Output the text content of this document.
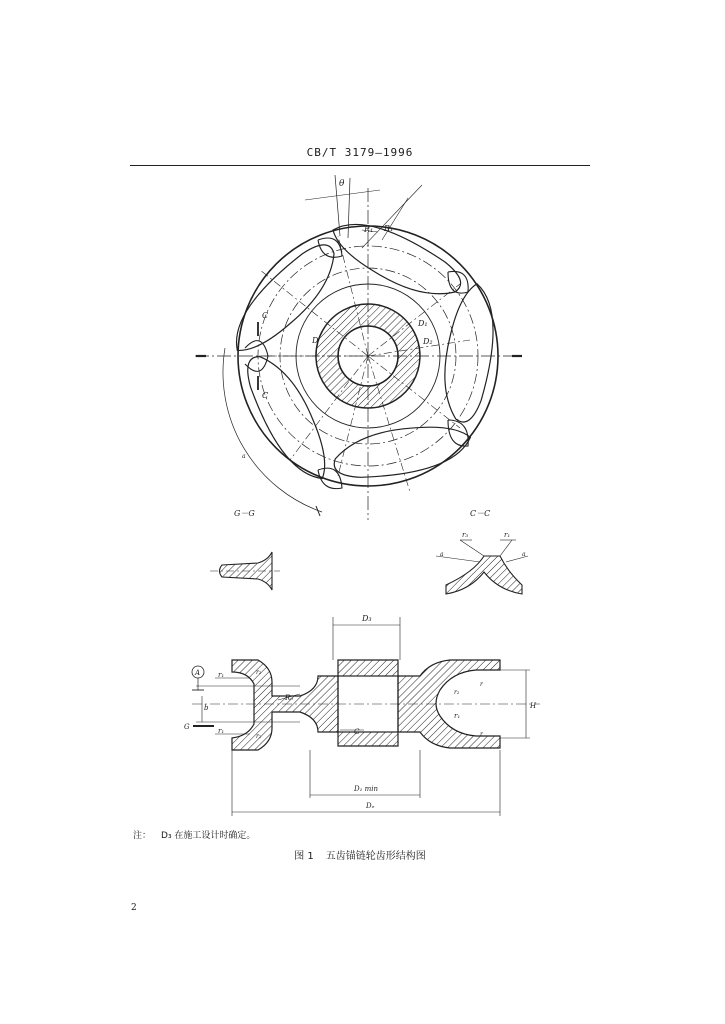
CB/T 3179—1996
θ
R₁ R₁
D₁
D₂
D
C
C
a
G－G	C－C
r₃	r₁
a	a
D₃
A	r₁
r₁
r₂
r₂
b
R₀
G
G
r₁
r₂
r
r
H
D₁ min
Dₑ
注： D₃ 在施工设计时确定。
图 1 五齿锚链轮齿形结构图
2
